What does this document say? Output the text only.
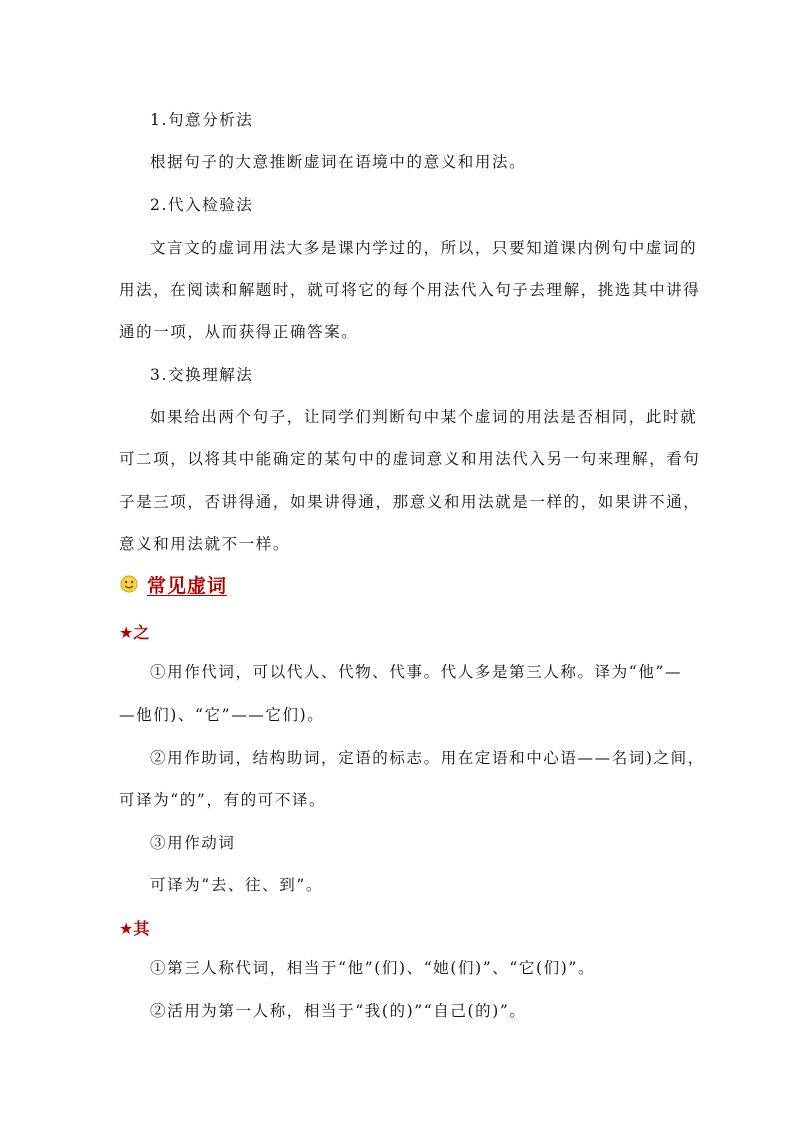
1.句意分析法
根据句子的大意推断虚词在语境中的意义和用法。
2.代入检验法
文言文的虚词用法大多是课内学过的，所以，只要知道课内例句中虚词的
用法，在阅读和解题时，就可将它的每个用法代入句子去理解，挑选其中讲得
通的一项，从而获得正确答案。
3.交换理解法
如果给出两个句子，让同学们判断句中某个虚词的用法是否相同，此时就
可二项，以将其中能确定的某句中的虚词意义和用法代入另一句来理解，看句
子是三项，否讲得通，如果讲得通，那意义和用法就是一样的，如果讲不通，
意义和用法就不一样。
常见虚词
★之
①用作代词，可以代人、代物、代事。代人多是第三人称。译为“他”—
—他们)、“它”——它们)。
②用作助词，结构助词，定语的标志。用在定语和中心语——名词)之间，
可译为“的”，有的可不译。
③用作动词
可译为“去、往、到”。
★其
①第三人称代词，相当于“他”(们)、“她(们)”、“它(们)”。
②活用为第一人称，相当于“我(的)”“自己(的)”。
